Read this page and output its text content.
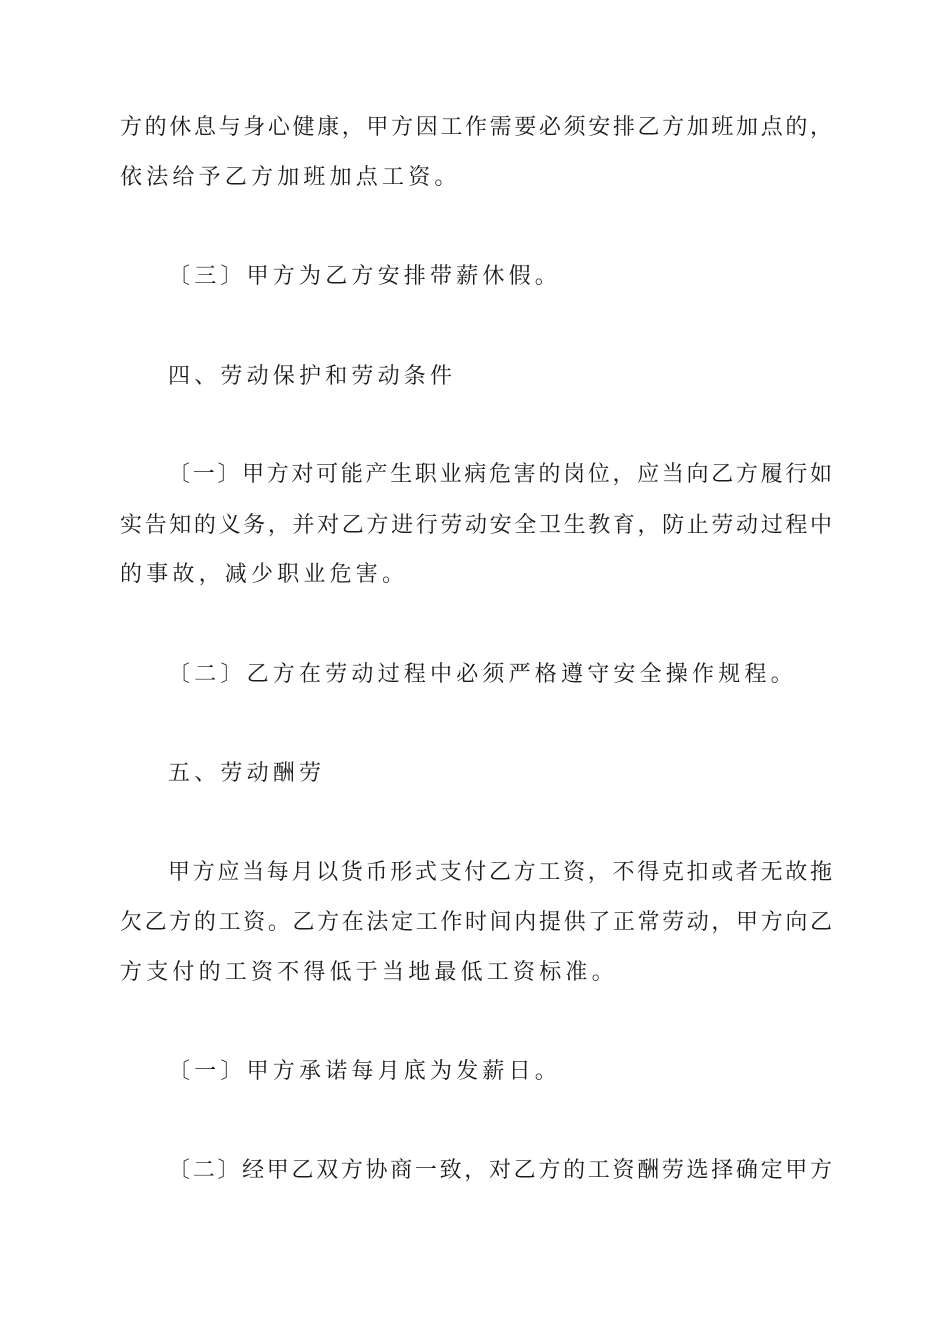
方的休息与身心健康，甲方因工作需要必须安排乙方加班加点的，
依法给予乙方加班加点工资。
〔三〕甲方为乙方安排带薪休假。
四、劳动保护和劳动条件
〔一〕甲方对可能产生职业病危害的岗位，应当向乙方履行如
实告知的义务，并对乙方进行劳动安全卫生教育，防止劳动过程中
的事故，减少职业危害。
〔二〕乙方在劳动过程中必须严格遵守安全操作规程。
五、劳动酬劳
甲方应当每月以货币形式支付乙方工资，不得克扣或者无故拖
欠乙方的工资。乙方在法定工作时间内提供了正常劳动，甲方向乙
方支付的工资不得低于当地最低工资标准。
〔一〕甲方承诺每月底为发薪日。
〔二〕经甲乙双方协商一致，对乙方的工资酬劳选择确定甲方
